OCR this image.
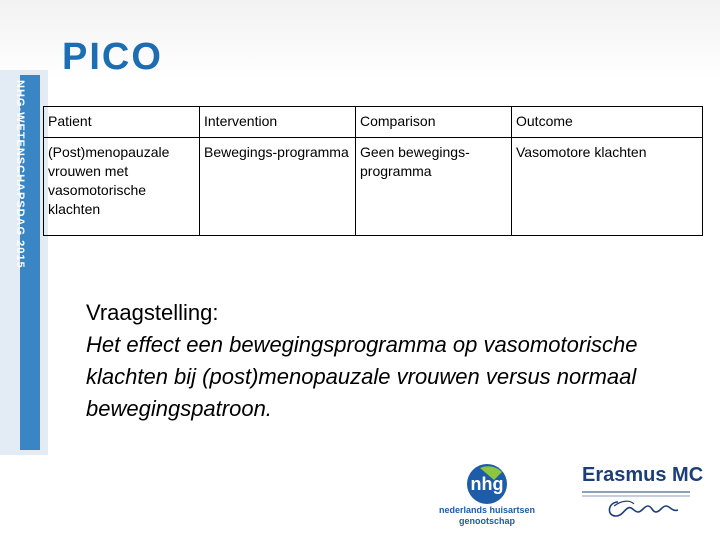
NHG-WETENSCHAPSDAG 2015
PICO
Patient	Intervention	Comparison	Outcome
(Post)menopauzale vrouwen met vasomotorische klachten	Bewegings-programma	Geen bewegings-programma	Vasomotore klachten
Vraagstelling:
Het effect een bewegingsprogramma op vasomotorische klachten bij (post)menopauzale vrouwen versus normaal bewegingspatroon.
nhg
nederlands huisartsen
genootschap
Erasmus MC
